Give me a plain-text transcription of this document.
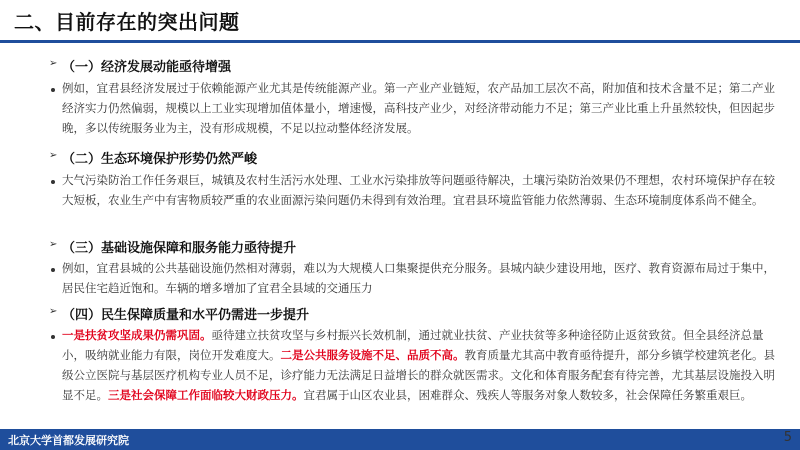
二、目前存在的突出问题
➢ （一）经济发展动能亟待增强
例如，宜君县经济发展过于依赖能源产业尤其是传统能源产业。第一产业产业链短，农产品加工层次不高，附加值和技术含量不足；第二产业经济实力仍然偏弱，规模以上工业实现增加值体量小，增速慢，高科技产业少，对经济带动能力不足；第三产业比重上升虽然较快，但因起步晚，多以传统服务业为主，没有形成规模，不足以拉动整体经济发展。
➢ （二）生态环境保护形势仍然严峻
大气污染防治工作任务艰巨，城镇及农村生活污水处理、工业水污染排放等问题亟待解决，土壤污染防治效果仍不理想，农村环境保护存在较大短板，农业生产中有害物质较严重的农业面源污染问题仍未得到有效治理。宜君县环境监管能力依然薄弱、生态环境制度体系尚不健全。
➢ （三）基础设施保障和服务能力亟待提升
例如，宜君县城的公共基础设施仍然相对薄弱，难以为大规模人口集聚提供充分服务。县城内缺少建设用地，医疗、教育资源布局过于集中，居民住宅趋近饱和。车辆的增多增加了宜君全县域的交通压力
➢ （四）民生保障质量和水平仍需进一步提升
一是扶贫攻坚成果仍需巩固。亟待建立扶贫攻坚与乡村振兴长效机制，通过就业扶贫、产业扶贫等多种途径防止返贫致贫。但全县经济总量小，吸纳就业能力有限，岗位开发难度大。二是公共服务设施不足、品质不高。教育质量尤其高中教育亟待提升，部分乡镇学校建筑老化。县级公立医院与基层医疗机构专业人员不足，诊疗能力无法满足日益增长的群众就医需求。文化和体育服务配套有待完善，尤其基层设施投入明显不足。三是社会保障工作面临较大财政压力。宜君属于山区农业县，困难群众、残疾人等服务对象人数较多，社会保障任务繁重艰巨。
北京大学首都发展研究院	5
